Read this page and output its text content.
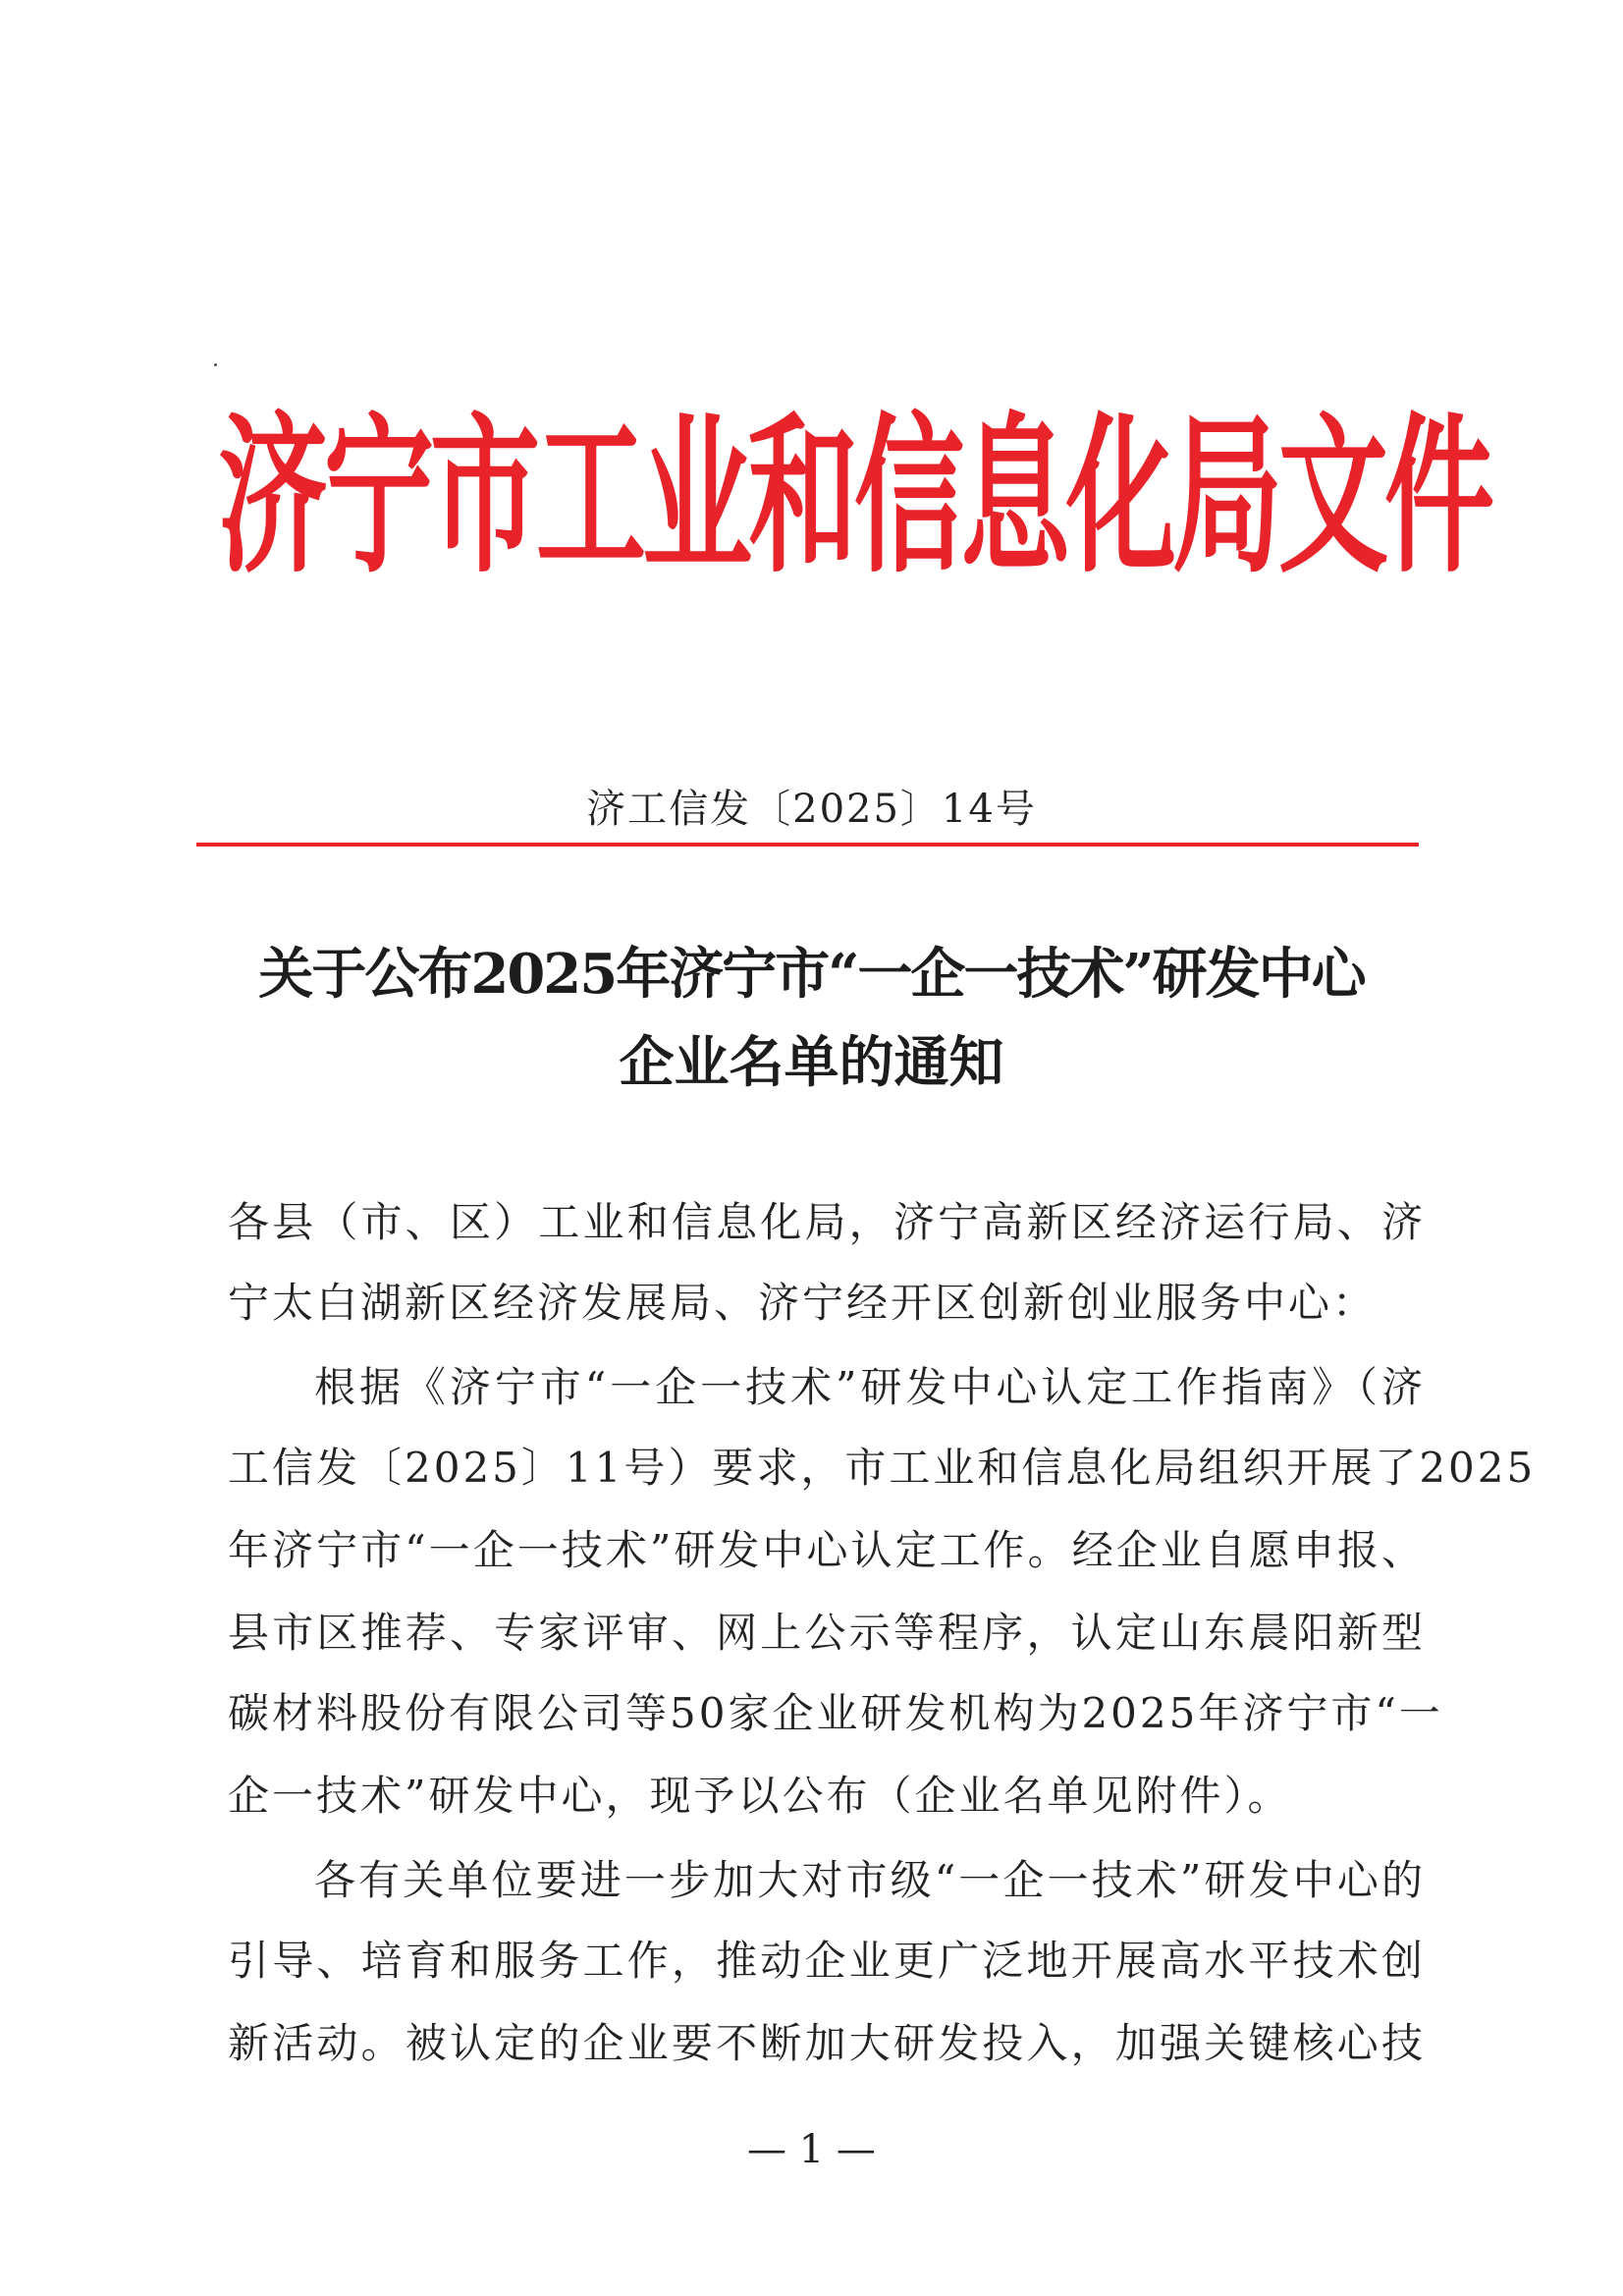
济宁市工业和信息化局文件
济工信发〔2025〕14号
关于公布2025年济宁市“一企一技术”研发中心
企业名单的通知
各县（市、区）工业和信息化局，济宁高新区经济运行局、济
宁太白湖新区经济发展局、济宁经开区创新创业服务中心：
根据《济宁市“一企一技术”研发中心认定工作指南》（济
工信发〔2025〕11号）要求，市工业和信息化局组织开展了2025
年济宁市“一企一技术”研发中心认定工作。经企业自愿申报、
县市区推荐、专家评审、网上公示等程序，认定山东晨阳新型
碳材料股份有限公司等50家企业研发机构为2025年济宁市“一
企一技术”研发中心，现予以公布（企业名单见附件）。
各有关单位要进一步加大对市级“一企一技术”研发中心的
引导、培育和服务工作，推动企业更广泛地开展高水平技术创
新活动。被认定的企业要不断加大研发投入，加强关键核心技
— 1 —
